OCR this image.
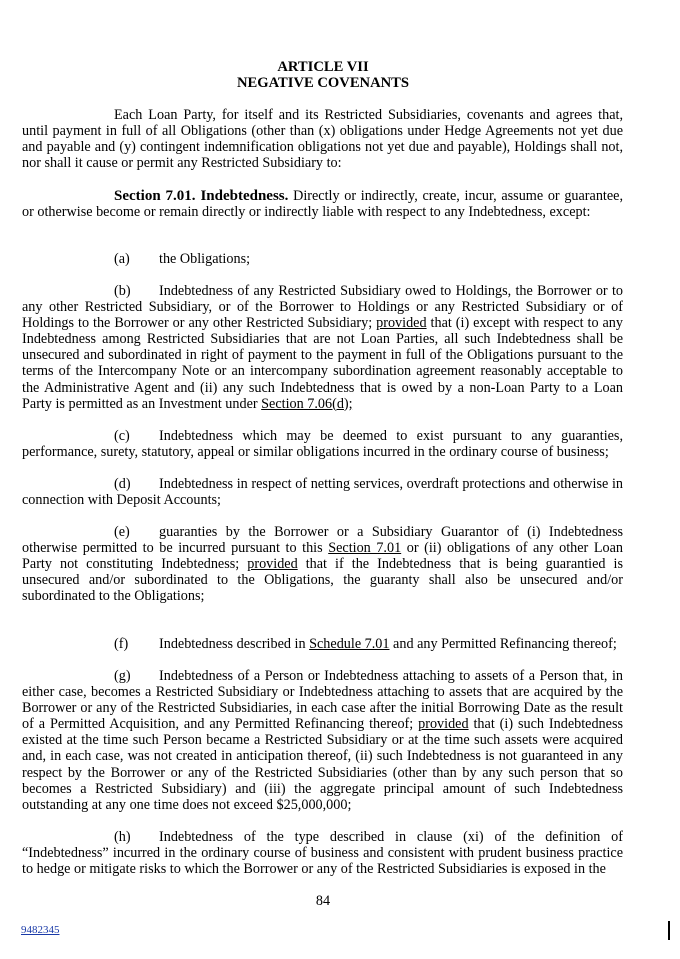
ARTICLE VII
NEGATIVE COVENANTS
Each Loan Party, for itself and its Restricted Subsidiaries, covenants and agrees that, until payment in full of all Obligations (other than (x) obligations under Hedge Agreements not yet due and payable and (y) contingent indemnification obligations not yet due and payable), Holdings shall not, nor shall it cause or permit any Restricted Subsidiary to:
Section 7.01. Indebtedness. Directly or indirectly, create, incur, assume or guarantee, or otherwise become or remain directly or indirectly liable with respect to any Indebtedness, except:
(a) the Obligations;
(b) Indebtedness of any Restricted Subsidiary owed to Holdings, the Borrower or to any other Restricted Subsidiary, or of the Borrower to Holdings or any Restricted Subsidiary or of Holdings to the Borrower or any other Restricted Subsidiary; provided that (i) except with respect to any Indebtedness among Restricted Subsidiaries that are not Loan Parties, all such Indebtedness shall be unsecured and subordinated in right of payment to the payment in full of the Obligations pursuant to the terms of the Intercompany Note or an intercompany subordination agreement reasonably acceptable to the Administrative Agent and (ii) any such Indebtedness that is owed by a non-Loan Party to a Loan Party is permitted as an Investment under Section 7.06(d);
(c) Indebtedness which may be deemed to exist pursuant to any guaranties, performance, surety, statutory, appeal or similar obligations incurred in the ordinary course of business;
(d) Indebtedness in respect of netting services, overdraft protections and otherwise in connection with Deposit Accounts;
(e) guaranties by the Borrower or a Subsidiary Guarantor of (i) Indebtedness otherwise permitted to be incurred pursuant to this Section 7.01 or (ii) obligations of any other Loan Party not constituting Indebtedness; provided that if the Indebtedness that is being guarantied is unsecured and/or subordinated to the Obligations, the guaranty shall also be unsecured and/or subordinated to the Obligations;
(f) Indebtedness described in Schedule 7.01 and any Permitted Refinancing thereof;
(g) Indebtedness of a Person or Indebtedness attaching to assets of a Person that, in either case, becomes a Restricted Subsidiary or Indebtedness attaching to assets that are acquired by the Borrower or any of the Restricted Subsidiaries, in each case after the initial Borrowing Date as the result of a Permitted Acquisition, and any Permitted Refinancing thereof; provided that (i) such Indebtedness existed at the time such Person became a Restricted Subsidiary or at the time such assets were acquired and, in each case, was not created in anticipation thereof, (ii) such Indebtedness is not guaranteed in any respect by the Borrower or any of the Restricted Subsidiaries (other than by any such person that so becomes a Restricted Subsidiary) and (iii) the aggregate principal amount of such Indebtedness outstanding at any one time does not exceed $25,000,000;
(h) Indebtedness of the type described in clause (xi) of the definition of “Indebtedness” incurred in the ordinary course of business and consistent with prudent business practice to hedge or mitigate risks to which the Borrower or any of the Restricted Subsidiaries is exposed in the
84
9482345
